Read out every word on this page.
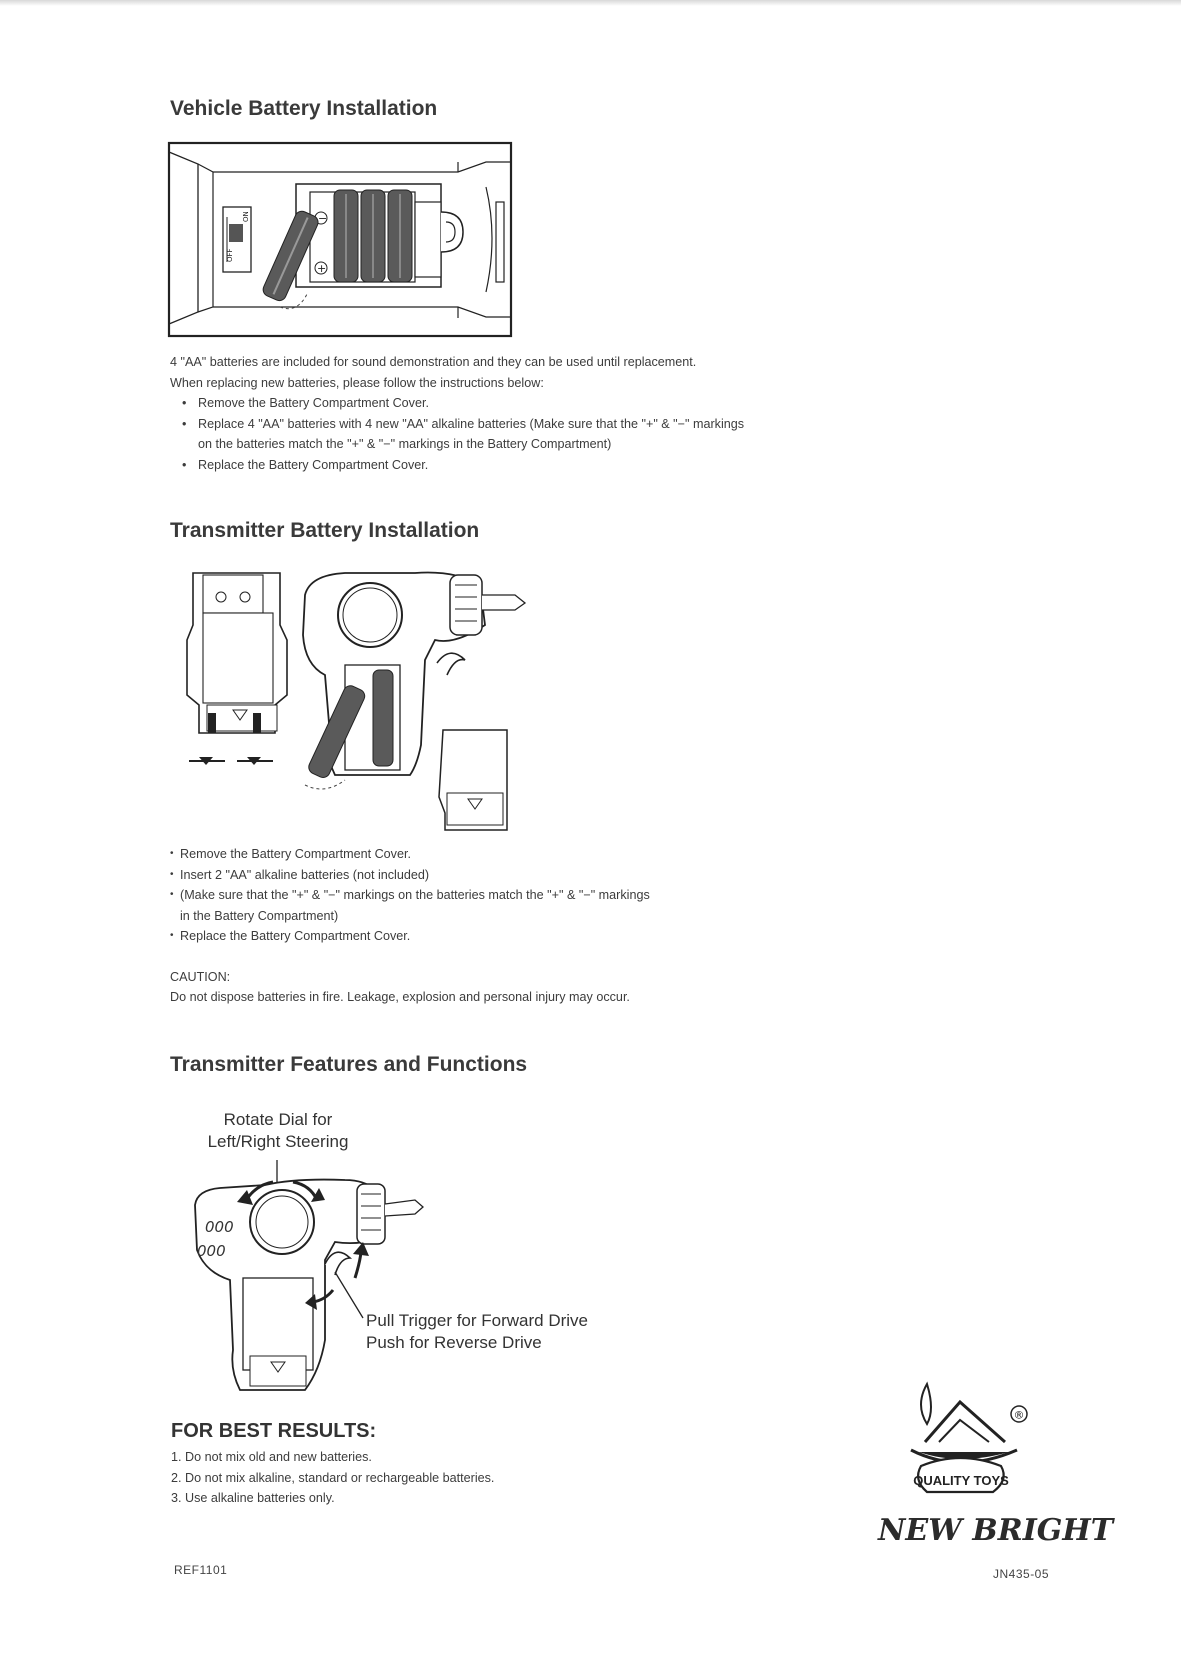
Vehicle Battery Installation
OFF
ON	−
+
4 "AA" batteries are included for sound demonstration and they can be used until replacement.
When replacing new batteries, please follow the instructions below:
• Remove the Battery Compartment Cover.
• Replace 4 "AA" batteries with 4 new "AA" alkaline batteries (Make sure that the "+" & "−" markings
on the batteries match the "+" & "−" markings in the Battery Compartment)
• Replace the Battery Compartment Cover.
Transmitter Battery Installation
• Remove the Battery Compartment Cover.
• Insert 2 "AA" alkaline batteries (not included)
• (Make sure that the "+" & "−" markings on the batteries match the "+" & "−" markings
in the Battery Compartment)
• Replace the Battery Compartment Cover.
CAUTION:
Do not dispose batteries in fire. Leakage, explosion and personal injury may occur.
Transmitter Features and Functions
Rotate Dial for
Left/Right Steering
000
000
Pull Trigger for Forward Drive
Push for Reverse Drive
FOR BEST RESULTS:
1. Do not mix old and new batteries.
2. Do not mix alkaline, standard or rechargeable batteries.
3. Use alkaline batteries only.
REF1101
QUALITY TOYS
®
NEW BRIGHT
JN435-05
